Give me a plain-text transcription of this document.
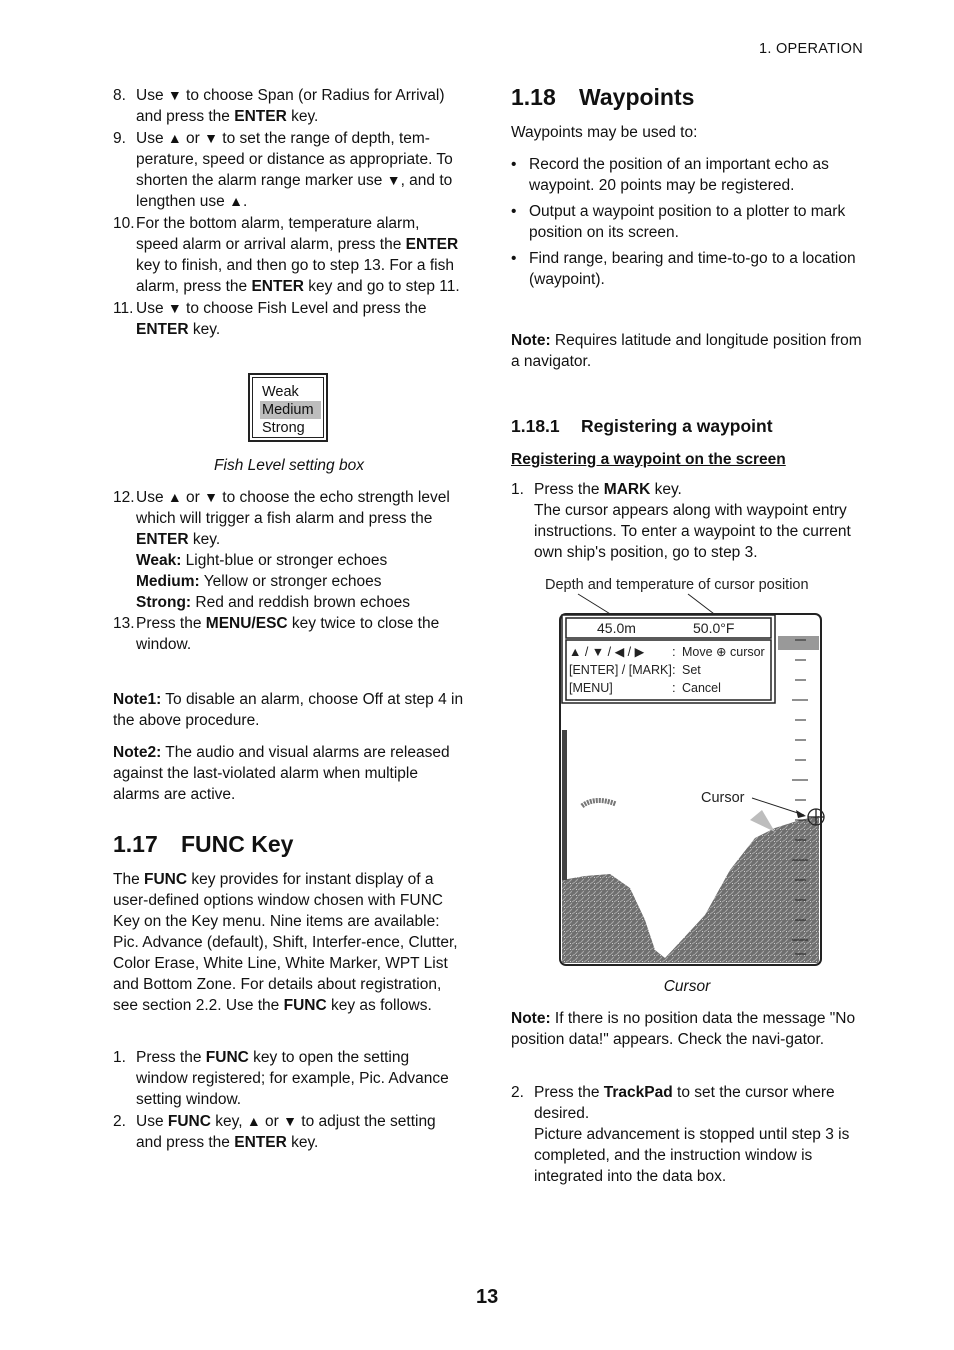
1. OPERATION

8. Use ▼ to choose Span (or Radius for Arrival) and press the ENTER key.

9. Use ▲ or ▼ to set the range of depth, tem-perature, speed or distance as appropriate. To shorten the alarm range marker use ▼, and to lengthen use ▲.

10. For the bottom alarm, temperature alarm, speed alarm or arrival alarm, press the ENTER key to finish, and then go to step 13. For a fish alarm, press the ENTER key and go to step 11.

11. Use ▼ to choose Fish Level and press the ENTER key.

Weak
Medium
Strong
Fish Level setting box

12. Use ▲ or ▼ to choose the echo strength level which will trigger a fish alarm and press the ENTER key.

Weak: Light-blue or stronger echoes

Medium: Yellow or stronger echoes

Strong: Red and reddish brown echoes

13. Press the MENU/ESC key twice to close the window.

Note1: To disable an alarm, choose Off at step 4 in the above procedure.
Note2: The audio and visual alarms are released against the last-violated alarm when multiple alarms are active.
1.17 FUNC Key
The FUNC key provides for instant display of a user-defined options window chosen with FUNC Key on the Key menu. Nine items are available: Pic. Advance (default), Shift, Interfer-ence, Clutter, Color Erase, White Line, White Marker, WPT List and Bottom Zone. For details about registration, see section 2.2. Use the FUNC key as follows.

1. Press the FUNC key to open the setting window registered; for example, Pic. Advance setting window.

2. Use FUNC key, ▲ or ▼ to adjust the setting and press the ENTER key.

1.18 Waypoints
Waypoints may be used to:

• Record the position of an important echo as waypoint. 20 points may be registered.

• Output a waypoint position to a plotter to mark position on its screen.

• Find range, bearing and time-to-go to a location (waypoint).

Note: Requires latitude and longitude position from a navigator.
1.18.1 Registering a waypoint
Registering a waypoint on the screen

1. Press the MARK key.
The cursor appears along with waypoint entry instructions. To enter a waypoint to the current own ship's position, go to step 3.

Depth and temperature of cursor position
45.0m	50.0°F
▲ / ▼ / ◀ / ▶ : Move ⊕ cursor
[ENTER] / [MARK] : Set
[MENU]	: Cancel
Cursor
Cursor
Note: If there is no position data the message "No position data!" appears. Check the navi-gator.

2. Press the TrackPad to set the cursor where desired.
Picture advancement is stopped until step 3 is completed, and the instruction window is integrated into the data box.

13
